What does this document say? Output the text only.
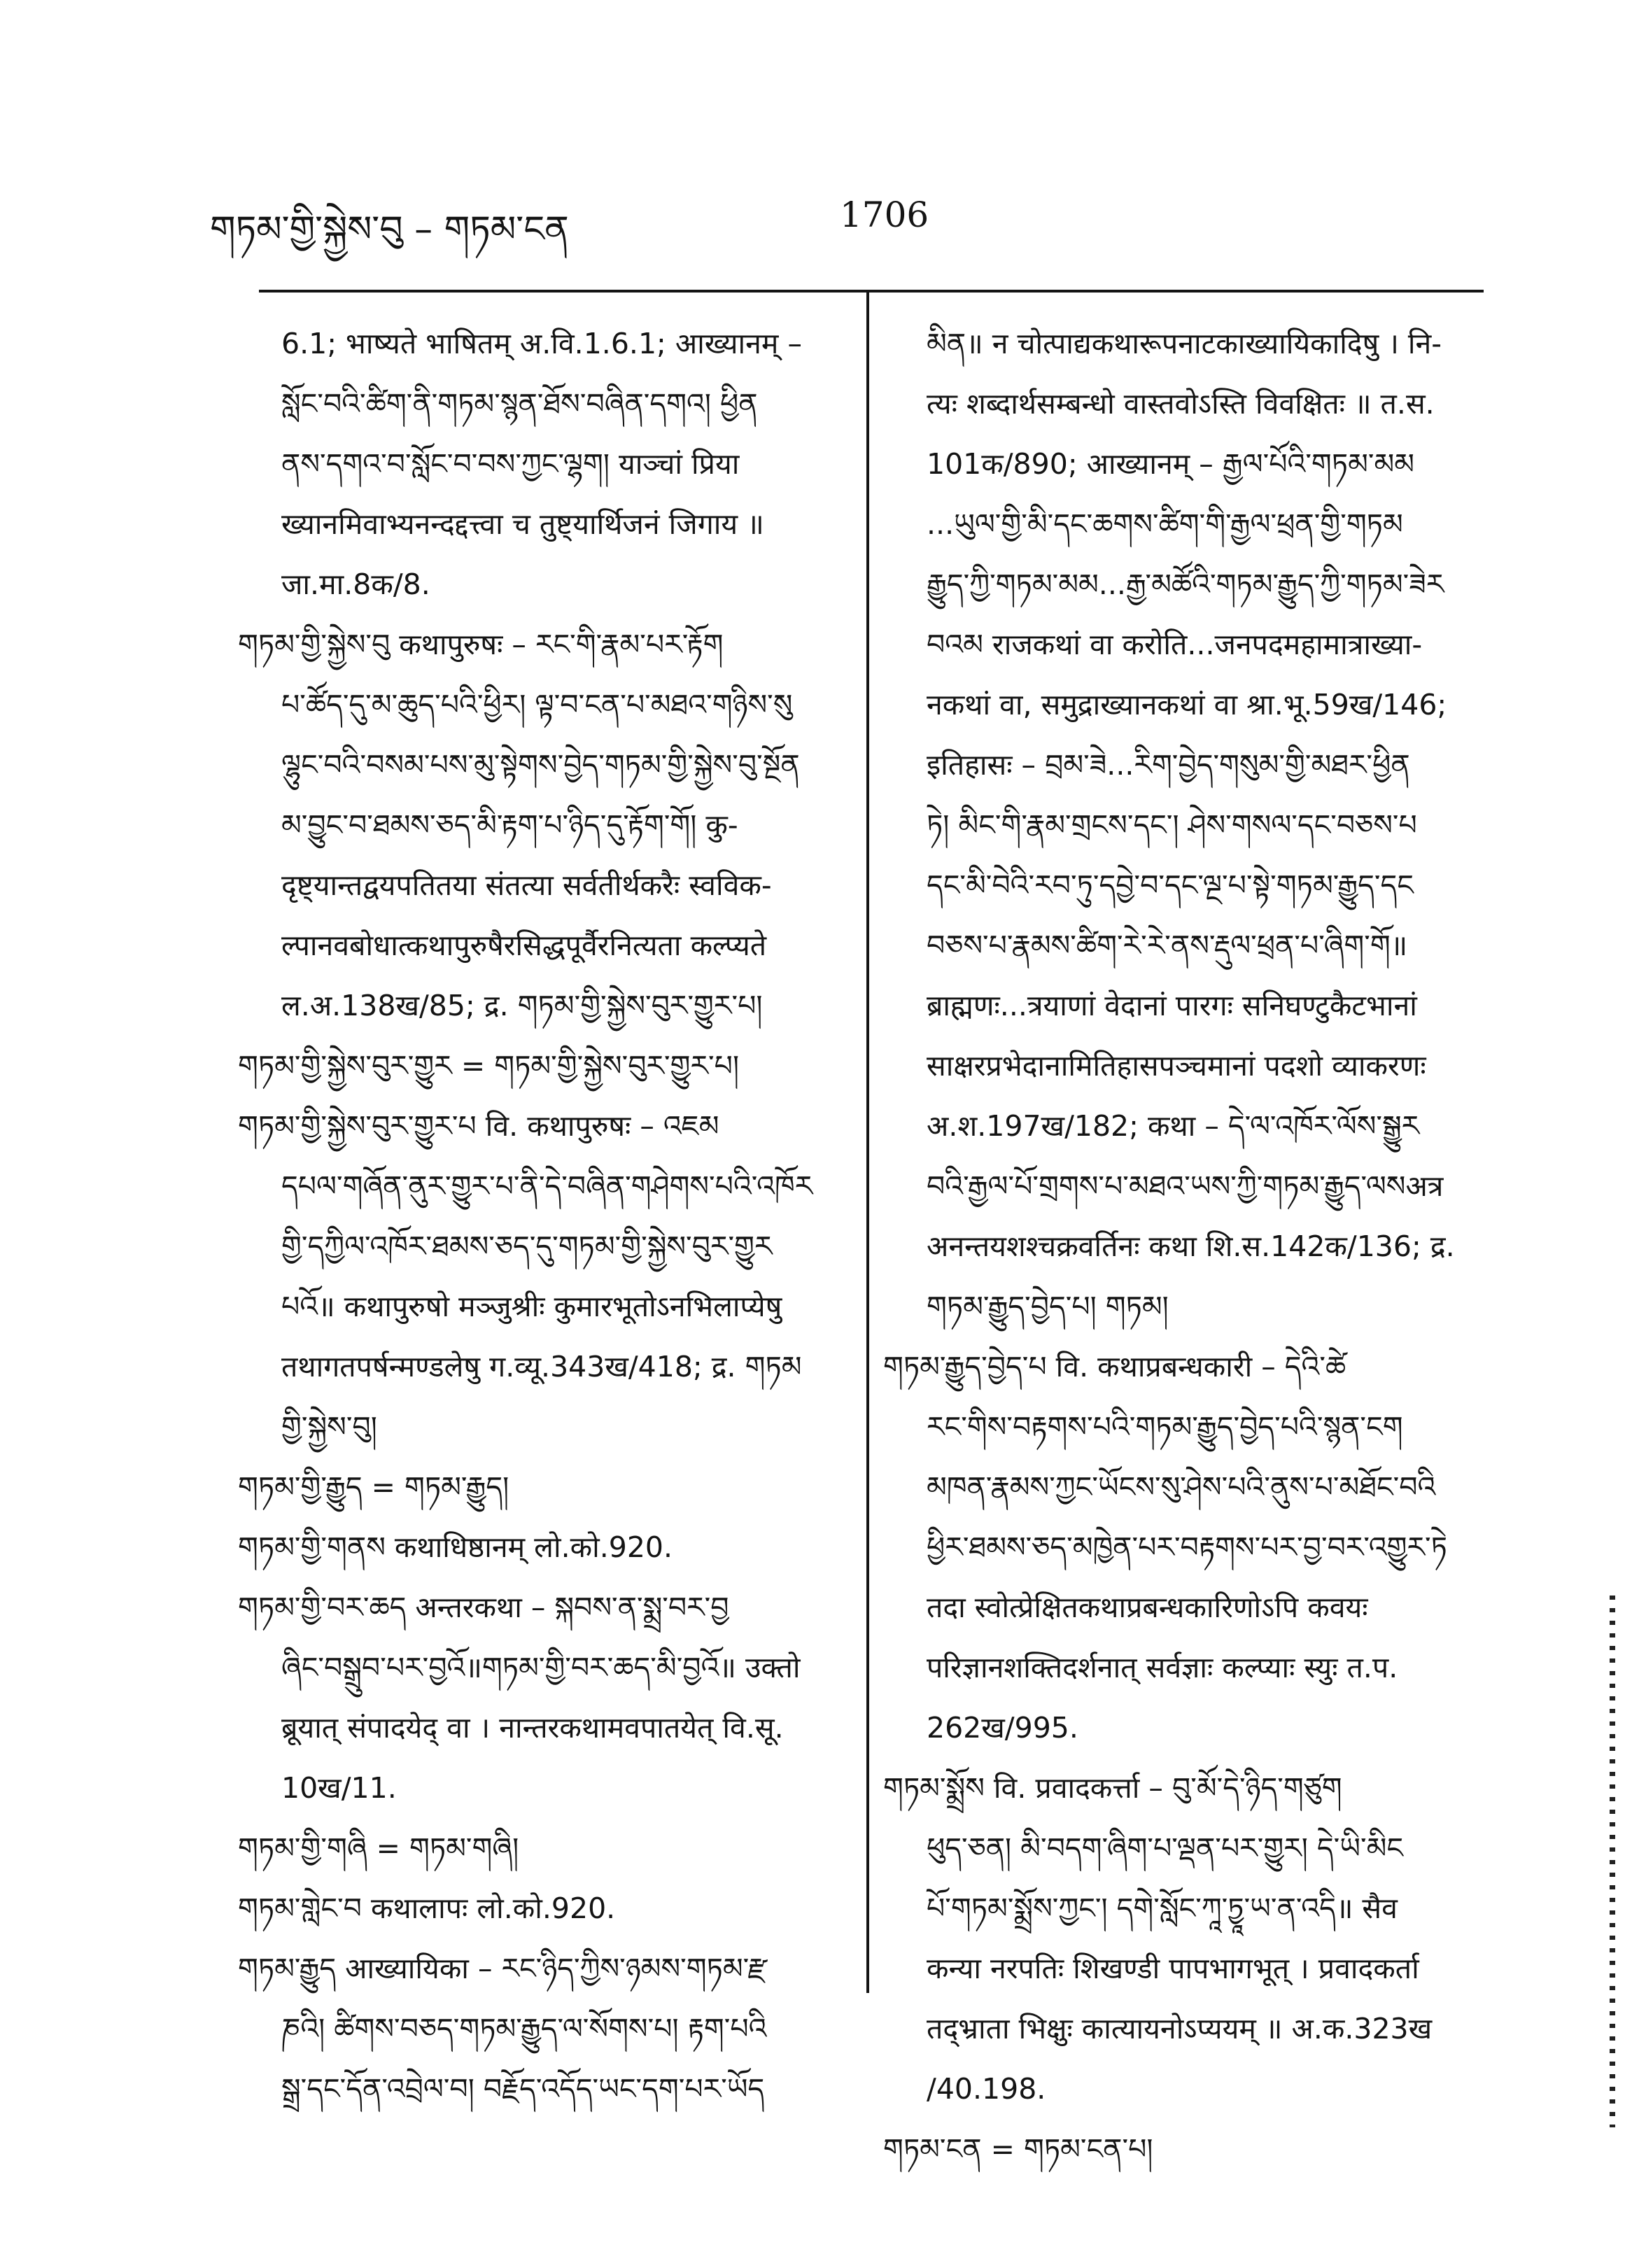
གཏམ་གྱི་སྐྱེས་བུ – གཏམ་ངན	1706
6.1; भाष्यते भाषितम् अ.वि.1.6.1; आख्यानम् –
སློང་བའི་ཚིག་ནི་གཏམ་སྙན་ཐོས་བཞིན་དགའ། ཕྱིན
ནས་དགའ་བ་སློང་བ་བས་ཀྱང་ལྷག། याञ्चां प्रिया
ख्यानमिवाभ्यनन्दद्दत्त्वा च तुष्ट्यार्थिजनं जिगाय ॥
जा.मा.8क/8.
གཏམ་གྱི་སྐྱེས་བུ कथापुरुषः – རང་གི་རྣམ་པར་རྟོག
པ་ཚོད་དུ་མ་ཆུད་པའི་ཕྱིར། ལྟ་བ་ངན་པ་མཐའ་གཉིས་སུ
ལྷུང་བའི་བསམ་པས་མུ་སྟེགས་བྱེད་གཏམ་གྱི་སྐྱེས་བུ་སྔོན
མ་བྱུང་བ་ཐམས་ཅད་མི་རྟག་པ་ཉིད་དུ་རྟོག་གོ། कु-
दृष्ट्यान्तद्वयपतितया संतत्या सर्वतीर्थकरैः स्वविक-
ल्पानवबोधात्कथापुरुषैरसिद्धपूर्वैरनित्यता कल्प्यते
ल.अ.138ख/85; द्र. གཏམ་གྱི་སྐྱེས་བུར་གྱུར་པ།
གཏམ་གྱི་སྐྱེས་བུར་གྱུར = གཏམ་གྱི་སྐྱེས་བུར་གྱུར་པ།
གཏམ་གྱི་སྐྱེས་བུར་གྱུར་པ वि. कथापुरुषः – འཇམ
དཔལ་གཞོན་ནུར་གྱུར་པ་ནི་དེ་བཞིན་གཤེགས་པའི་འཁོར
གྱི་དཀྱིལ་འཁོར་ཐམས་ཅད་དུ་གཏམ་གྱི་སྐྱེས་བུར་གྱུར
པའོ॥ कथापुरुषो मञ्जुश्रीः कुमारभूतोऽनभिलाप्येषु
तथागतपर्षन्मण्डलेषु ग.व्यू.343ख/418; द्र. གཏམ
གྱི་སྐྱེས་བུ།
གཏམ་གྱི་རྒྱུད = གཏམ་རྒྱུད།
གཏམ་གྱི་གནས कथाधिष्ठानम् लो.को.920.
གཏམ་གྱི་བར་ཆད अन्तरकथा – སྐབས་ན་སྨྲ་བར་བྱ
ཞིང་བསྒྲུབ་པར་བྱའོ॥གཏམ་གྱི་བར་ཆད་མི་བྱའོ॥ उक्तो
ब्रूयात् संपादयेद् वा । नान्तरकथामवपातयेत् वि.सू.
10ख/11.
གཏམ་གྱི་གཞི = གཏམ་གཞི།
གཏམ་གླེང་བ कथालापः लो.को.920.
གཏམ་རྒྱུད आख्यायिका – རང་ཉིད་ཀྱིས་ཉམས་གཏམ་རྫ
ཎའི། ཚིགས་བཅད་གཏམ་རྒྱུད་ལ་སོགས་པ། རྟག་པའི
སྒྲ་དང་དོན་འབྲེལ་བ། བརྗོད་འདོད་ཡང་དག་པར་ཡོད
མིན॥ न चोत्पाद्यकथारूपनाटकाख्यायिकादिषु । नि-
त्यः शब्दार्थसम्बन्धो वास्तवोऽस्ति विवक्षितः ॥ त.स.
101क/890; आख्यानम् – རྒྱལ་པོའི་གཏམ་མམ
...ཡུལ་གྱི་མི་དང་ཆགས་ཚིག་གི་རྒྱལ་ཕྲན་གྱི་གཏམ
རྒྱུད་ཀྱི་གཏམ་མམ...རྒྱ་མཚོའི་གཏམ་རྒྱུད་ཀྱི་གཏམ་ཟེར
བའམ राजकथां वा करोति...जनपदमहामात्राख्या-
नकथां वा, समुद्राख्यानकथां वा श्रा.भू.59ख/146;
इतिहासः – བྲམ་ཟེ...རིག་བྱེད་གསུམ་གྱི་མཐར་ཕྱིན
ཏེ། མིང་གི་རྣམ་གྲངས་དང་། ཤེས་གསལ་དང་བཅས་པ
དང་མི་བེའི་རབ་ཏུ་དབྱེ་བ་དང་ལྔ་པ་སྟེ་གཏམ་རྒྱུད་དང
བཅས་པ་རྣམས་ཚིག་རེ་རེ་ནས་རྡུལ་ཕྲན་པ་ཞིག་གོ॥
ब्राह्मणः...त्रयाणां वेदानां पारगः सनिघण्टुकैटभानां
साक्षरप्रभेदानामितिहासपञ्चमानां पदशो व्याकरणः
अ.श.197ख/182; कथा – དེ་ལ་འཁོར་ལོས་སྒྱུར
བའི་རྒྱལ་པོ་གྲགས་པ་མཐའ་ཡས་ཀྱི་གཏམ་རྒྱུད་ལསअत्र
अनन्तयशश्चक्रवर्तिनः कथा शि.स.142क/136; द्र.
གཏམ་རྒྱུད་བྱེད་པ། གཏམ།
གཏམ་རྒྱུད་བྱེད་པ वि. कथाप्रबन्धकारी – དེའི་ཚེ
རང་གིས་བརྟགས་པའི་གཏམ་རྒྱུད་བྱེད་པའི་སྙན་ངག
མཁན་རྣམས་ཀྱང་ཡོངས་སུ་ཤེས་པའི་ནུས་པ་མཐོང་བའི
ཕྱིར་ཐམས་ཅད་མཁྱེན་པར་བརྟགས་པར་བྱ་བར་འགྱུར་ཏེ
तदा स्वोत्प्रेक्षितकथाप्रबन्धकारिणोऽपि कवयः
परिज्ञानशक्तिदर्शनात् सर्वज्ञाः कल्प्याः स्युः त.प.
262ख/995.
གཏམ་སྨྲོས वि. प्रवादकर्त्ता – བུ་མོ་དེ་ཉིད་གཙུག
ཕུད་ཅན། མི་བདག་ཞིག་པ་ལྡན་པར་གྱུར། དེ་ཡི་མིང
པོ་གཏམ་སྨྲོས་ཀྱང་། དགེ་སློང་ཀཱ་ཏྱཱ་ཡ་ན་འདི॥ सैव
कन्या नरपतिः शिखण्डी पापभागभूत् । प्रवादकर्ता
तद्भ्राता भिक्षुः कात्यायनोऽप्ययम् ॥ अ.क.323ख
/40.198.
གཏམ་ངན = གཏམ་ངན་པ།
